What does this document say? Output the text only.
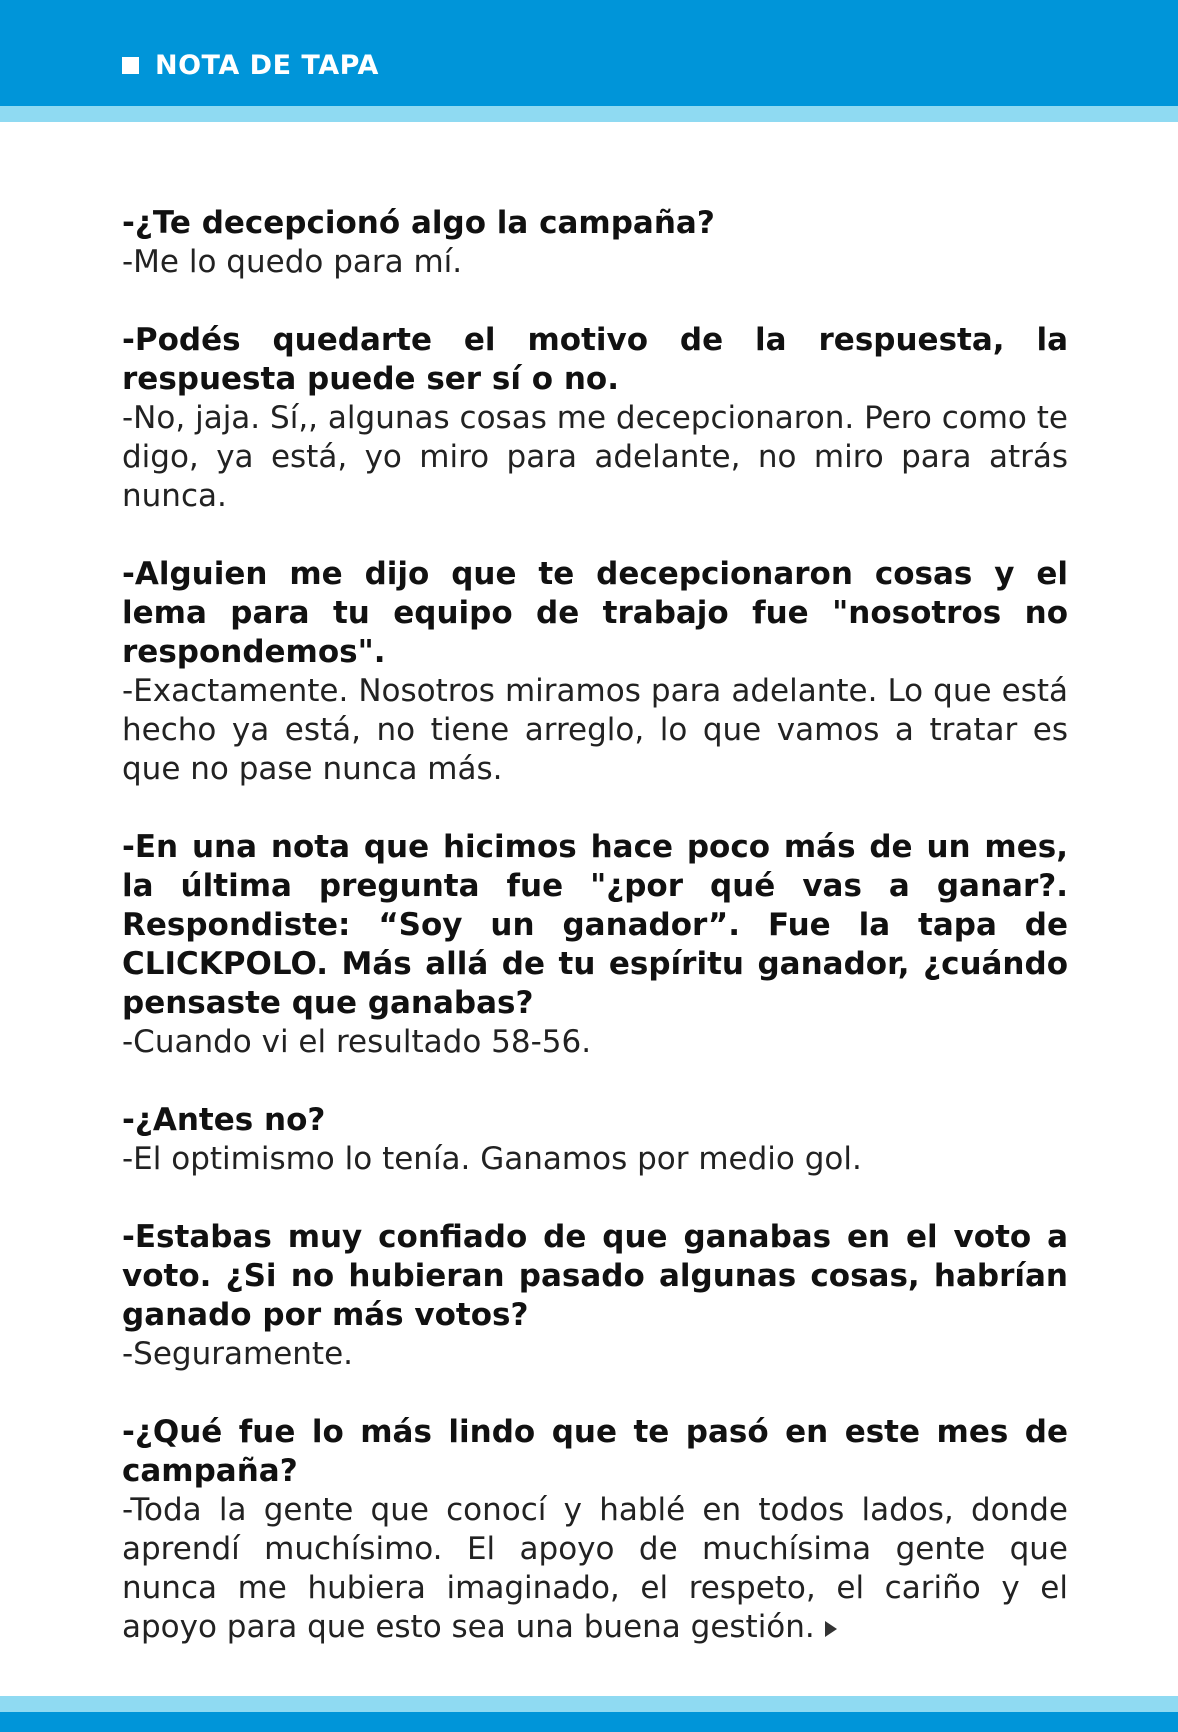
NOTA DE TAPA

-¿Te decepcionó algo la campaña?

-Me lo quedo para mí.

-Podés quedarte el motivo de la respuesta, la respuesta puede ser sí o no.

-No, jaja. Sí,, algunas cosas me decepcionaron. Pero como te digo, ya está, yo miro para adelante, no miro para atrás nunca.

-Alguien me dijo que te decepcionaron cosas y el lema para tu equipo de trabajo fue "nosotros no respondemos".

-Exactamente. Nosotros miramos para adelante. Lo que está hecho ya está, no tiene arreglo, lo que vamos a tratar es que no pase nunca más.

-En una nota que hicimos hace poco más de un mes, la última pregunta fue "¿por qué vas a ganar?. Respondiste: “Soy un ganador”. Fue la tapa de CLICKPOLO. Más allá de tu espíritu ganador, ¿cuándo pensaste que ganabas?

-Cuando vi el resultado 58-56.

-¿Antes no?

-El optimismo lo tenía. Ganamos por medio gol.

-Estabas muy confiado de que ganabas en el voto a voto. ¿Si no hubieran pasado algunas cosas, habrían ganado por más votos?

-Seguramente.

-¿Qué fue lo más lindo que te pasó en este mes de campaña?

-Toda la gente que conocí y hablé en todos lados, donde aprendí muchísimo. El apoyo de muchísima gente que nunca me hubiera imaginado, el respeto, el cariño y el apoyo para que esto sea una buena gestión.
